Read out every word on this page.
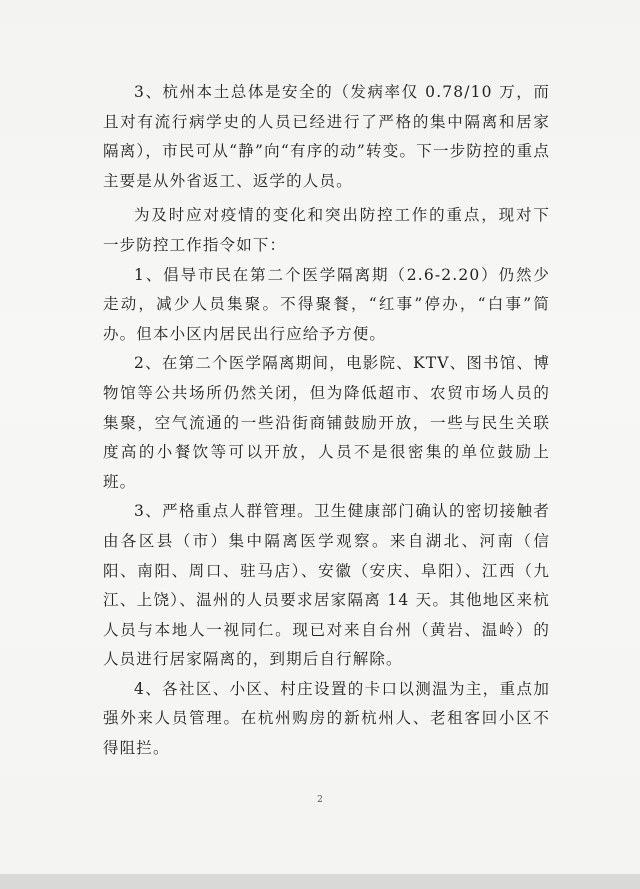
3、杭州本土总体是安全的（发病率仅 0.78/10 万，而且对有流行病学史的人员已经进行了严格的集中隔离和居家隔离），市民可从“静”向“有序的动”转变。下一步防控的重点主要是从外省返工、返学的人员。

为及时应对疫情的变化和突出防控工作的重点，现对下一步防控工作指令如下：

1、倡导市民在第二个医学隔离期（2.6-2.20）仍然少走动，减少人员集聚。不得聚餐，“红事”停办，“白事”简办。但本小区内居民出行应给予方便。

2、在第二个医学隔离期间，电影院、KTV、图书馆、博物馆等公共场所仍然关闭，但为降低超市、农贸市场人员的集聚，空气流通的一些沿街商铺鼓励开放，一些与民生关联度高的小餐饮等可以开放，人员不是很密集的单位鼓励上班。

3、严格重点人群管理。卫生健康部门确认的密切接触者由各区县（市）集中隔离医学观察。来自湖北、河南（信阳、南阳、周口、驻马店）、安徽（安庆、阜阳）、江西（九江、上饶）、温州的人员要求居家隔离 14 天。其他地区来杭人员与本地人一视同仁。现已对来自台州（黄岩、温岭）的人员进行居家隔离的，到期后自行解除。

4、各社区、小区、村庄设置的卡口以测温为主，重点加强外来人员管理。在杭州购房的新杭州人、老租客回小区不得阻拦。

2
